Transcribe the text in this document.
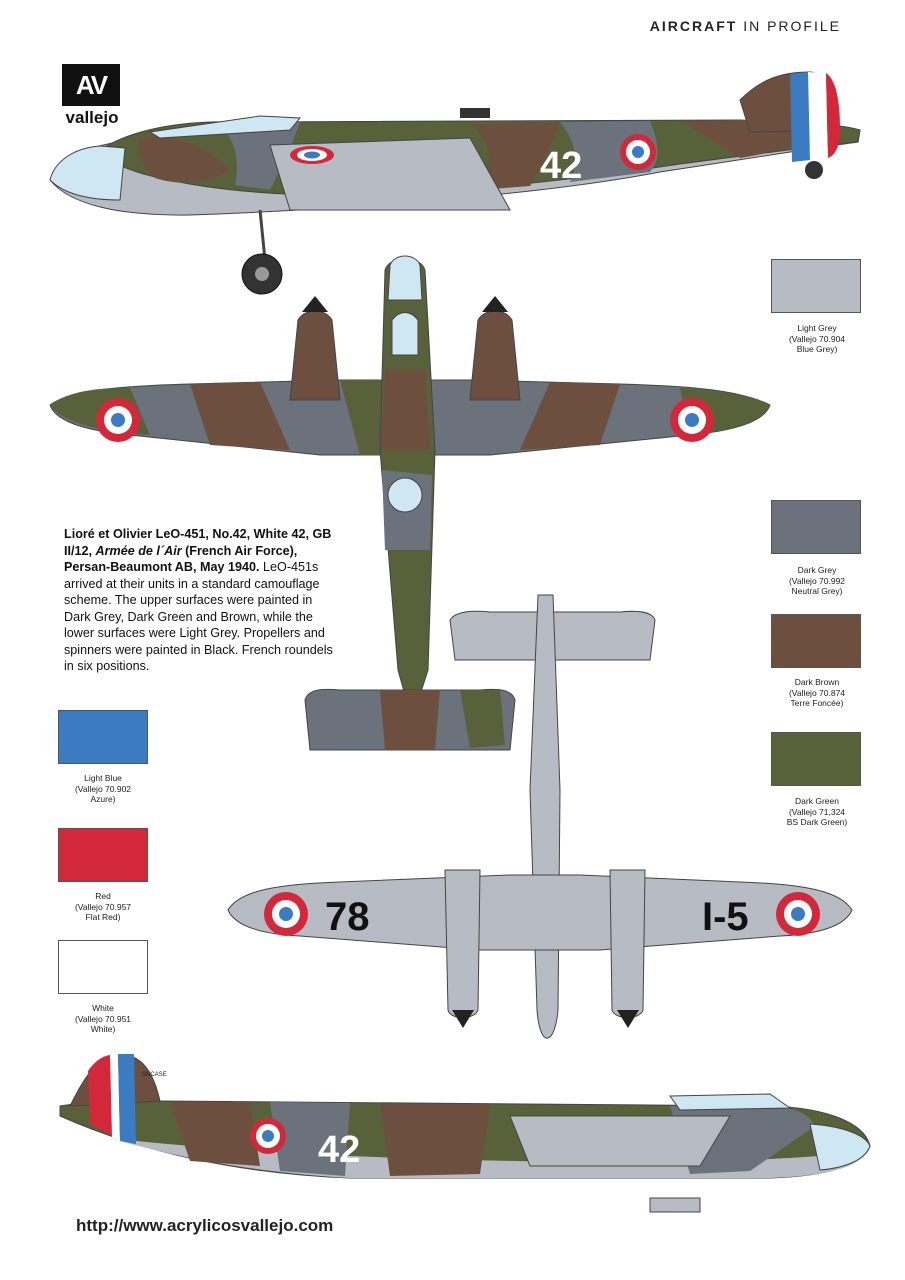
AIRCRAFT IN PROFILE
AV
vallejo
42
78	I-5
SNCASE
42
Lioré et Olivier LeO-451, No.42, White 42, GB II/12, Armée de l´Air (French Air Force), Persan-Beaumont AB, May 1940. LeO-451s arrived at their units in a standard camouflage scheme. The upper surfaces were painted in Dark Grey, Dark Green and Brown, while the lower surfaces were Light Grey. Propellers and spinners were painted in Black. French roundels in six positions.
Light Grey
(Vallejo 70.904
Blue Grey)
Dark Grey
(Vallejo 70.992
Neutral Grey)
Dark Brown
(Vallejo 70.874
Terre Foncée)
Dark Green
(Vallejo 71,324
BS Dark Green)
Light Blue
(Vallejo 70.902
Azure)
Red
(Vallejo 70.957
Flat Red)
White
(Vallejo 70.951
White)
http://www.acrylicosvallejo.com
